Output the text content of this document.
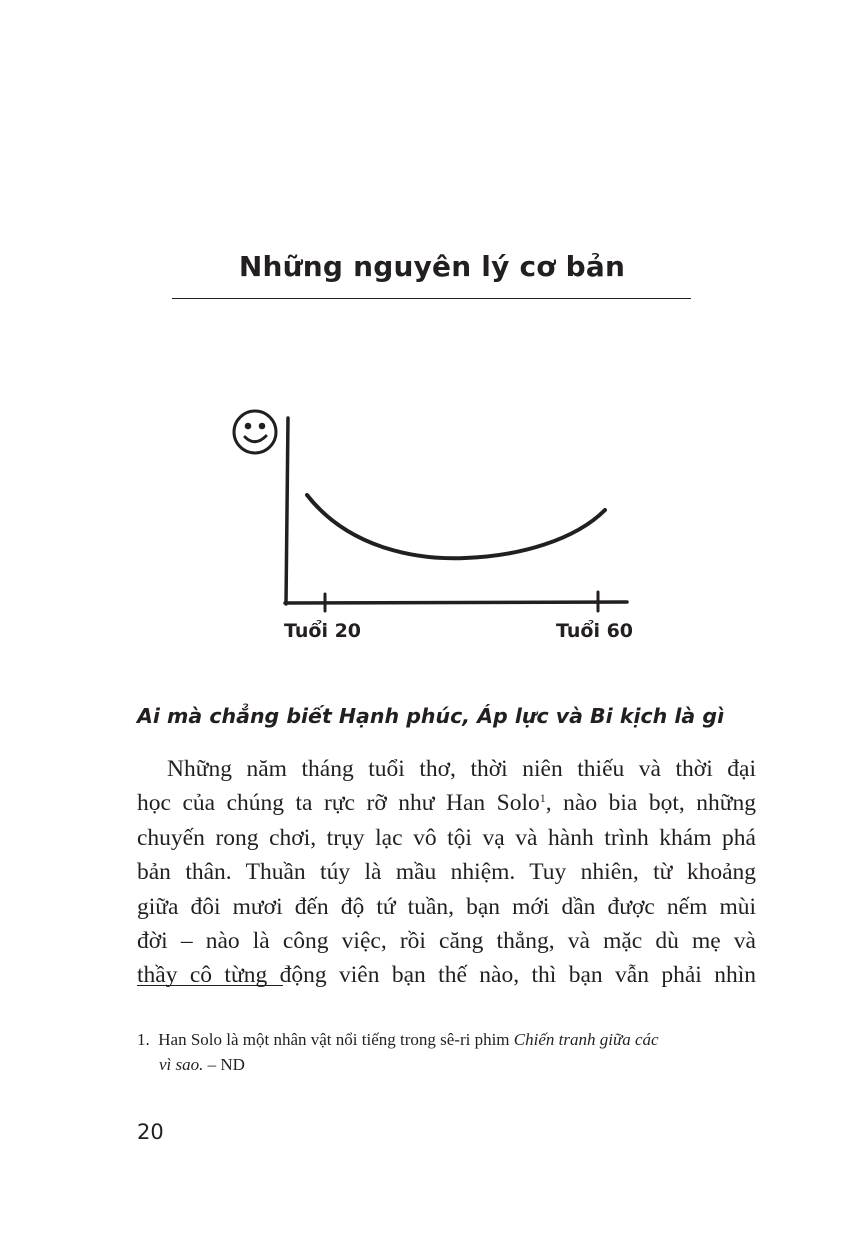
Những nguyên lý cơ bản
Tuổi 20	Tuổi 60
Ai mà chẳng biết Hạnh phúc, Áp lực và Bi kịch là gì
Những năm tháng tuổi thơ, thời niên thiếu và thời đại
học của chúng ta rực rỡ như Han Solo$^1$, nào bia bọt, những
chuyến rong chơi, trụy lạc vô tội vạ và hành trình khám phá
bản thân. Thuần túy là mầu nhiệm. Tuy nhiên, từ khoảng
giữa đôi mươi đến độ tứ tuần, bạn mới dần được nếm mùi
đời – nào là công việc, rồi căng thẳng, và mặc dù mẹ và
thầy cô từng động viên bạn thế nào, thì bạn vẫn phải nhìn
1. Han Solo là một nhân vật nổi tiếng trong sê-ri phim Chiến tranh giữa các
vì sao. – ND
20
